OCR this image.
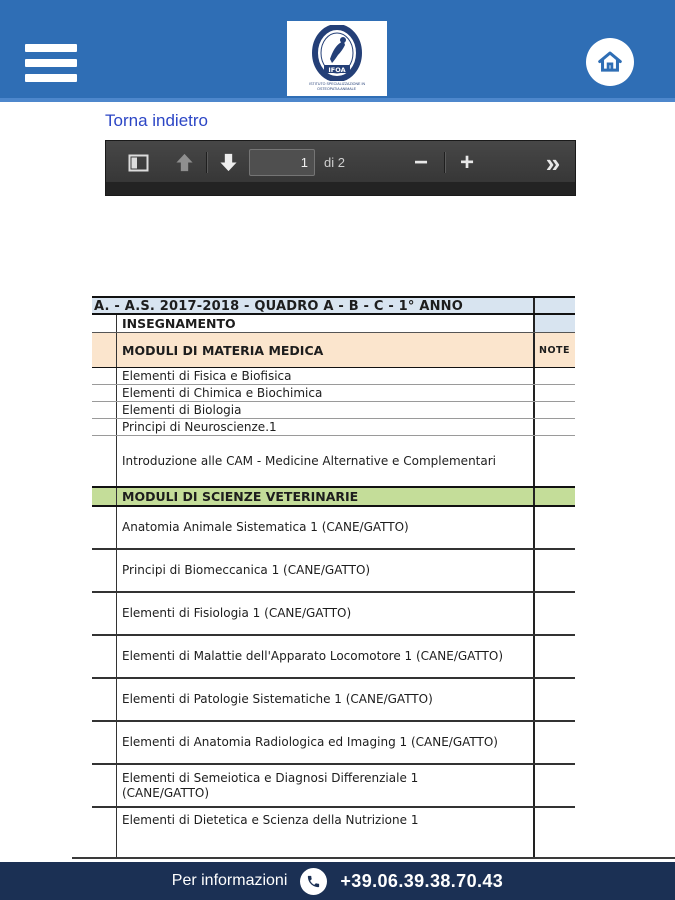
IFOA
ISTITUTO SPECIALIZZAZIONE IN
OSTEOPATIA ANIMALE
Torna indietro
1
di 2	− +	»
A. - A.S. 2017-2018 - QUADRO A - B - C - 1° ANNO
INSEGNAMENTO
MODULI DI MATERIA MEDICA	NOTE
Elementi di Fisica e Biofisica
Elementi di Chimica e Biochimica
Elementi di Biologia
Principi di Neuroscienze.1
Introduzione alle CAM - Medicine Alternative e Complementari
MODULI DI SCIENZE VETERINARIE
Anatomia Animale Sistematica 1 (CANE/GATTO)
Principi di Biomeccanica 1 (CANE/GATTO)
Elementi di Fisiologia 1 (CANE/GATTO)
Elementi di Malattie dell'Apparato Locomotore 1 (CANE/GATTO)
Elementi di Patologie Sistematiche 1 (CANE/GATTO)
Elementi di Anatomia Radiologica ed Imaging 1 (CANE/GATTO)
Elementi di Semeiotica e Diagnosi Differenziale 1 (CANE/GATTO)
Elementi di Dietetica e Scienza della Nutrizione 1
Per informazioni	+39.06.39.38.70.43
